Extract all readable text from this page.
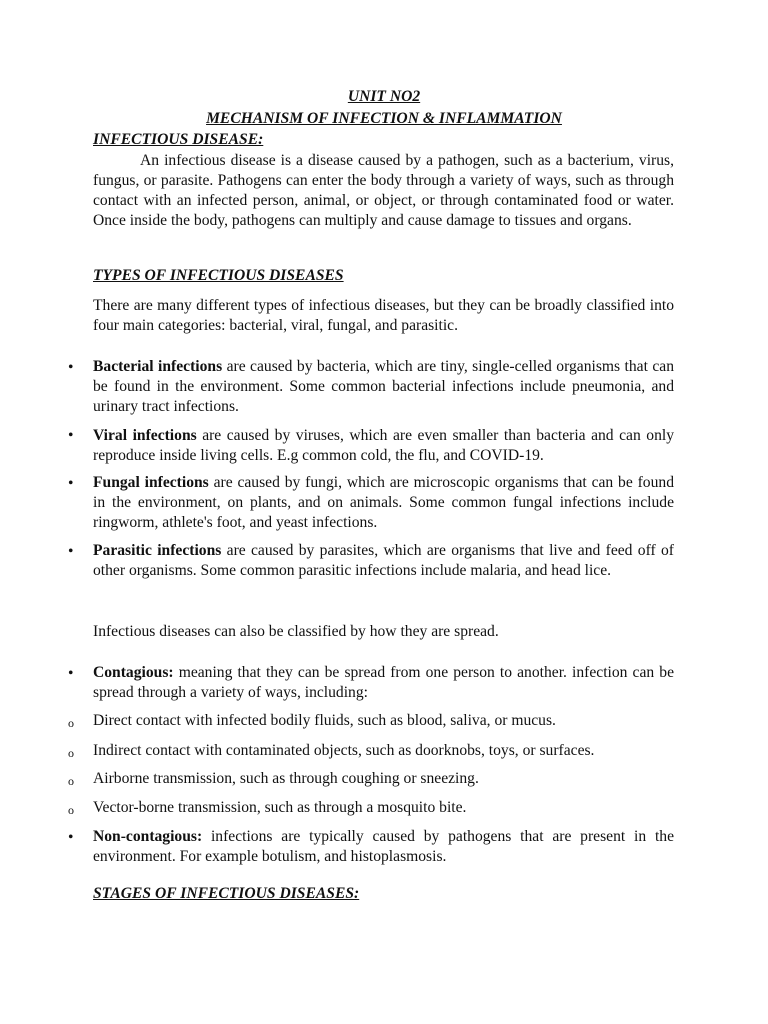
UNIT NO2

MECHANISM OF INFECTION & INFLAMMATION

INFECTIOUS DISEASE:

An infectious disease is a disease caused by a pathogen, such as a bacterium, virus, fungus, or parasite. Pathogens can enter the body through a variety of ways, such as through contact with an infected person, animal, or object, or through contaminated food or water. Once inside the body, pathogens can multiply and cause damage to tissues and organs.

TYPES OF INFECTIOUS DISEASES

There are many different types of infectious diseases, but they can be broadly classified into four main categories: bacterial, viral, fungal, and parasitic.

• Bacterial infections are caused by bacteria, which are tiny, single-celled organisms that can be found in the environment. Some common bacterial infections include pneumonia, and urinary tract infections.

• Viral infections are caused by viruses, which are even smaller than bacteria and can only reproduce inside living cells. E.g common cold, the flu, and COVID-19.

• Fungal infections are caused by fungi, which are microscopic organisms that can be found in the environment, on plants, and on animals. Some common fungal infections include ringworm, athlete's foot, and yeast infections.

• Parasitic infections are caused by parasites, which are organisms that live and feed off of other organisms. Some common parasitic infections include malaria, and head lice.

Infectious diseases can also be classified by how they are spread.

• Contagious: meaning that they can be spread from one person to another. infection can be spread through a variety of ways, including:

o Direct contact with infected bodily fluids, such as blood, saliva, or mucus.

o Indirect contact with contaminated objects, such as doorknobs, toys, or surfaces.

o Airborne transmission, such as through coughing or sneezing.

o Vector-borne transmission, such as through a mosquito bite.

• Non-contagious: infections are typically caused by pathogens that are present in the environment. For example botulism, and histoplasmosis.

STAGES OF INFECTIOUS DISEASES:
